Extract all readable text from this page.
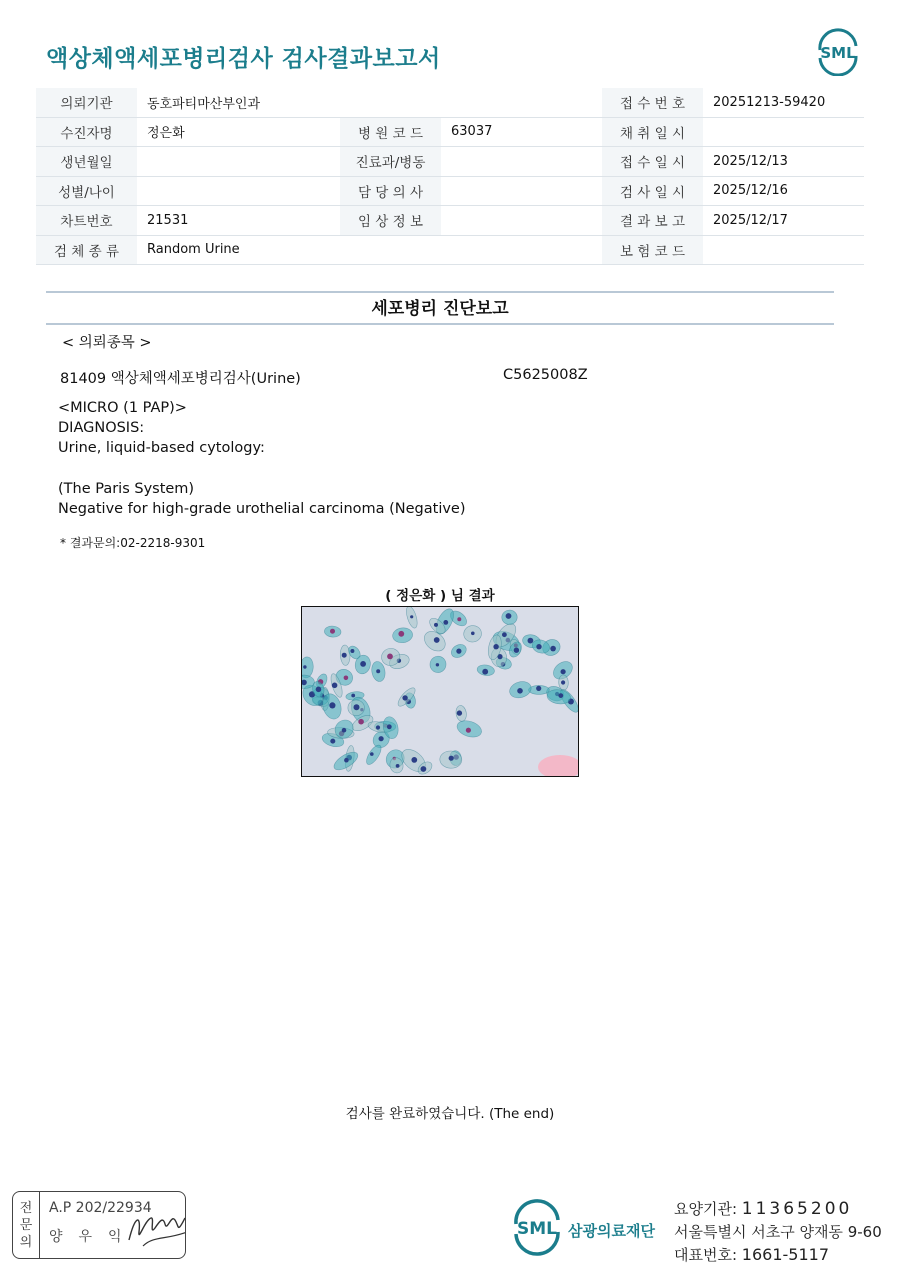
액상체액세포병리검사 검사결과보고서	SML
의뢰기관	동호파티마산부인과			접 수 번 호	20251213-59420
수진자명	정은화	병 원 코 드	63037	채 취 일 시	
생년월일		진료과/병동		접 수 일 시	2025/12/13
성별/나이		담 당 의 사		검 사 일 시	2025/12/16
차트번호	21531	임 상 정 보		결 과 보 고	2025/12/17
검 체 종 류	Random Urine			보 험 코 드	
세포병리 진단보고
< 의뢰종목 >
81409 액상체액세포병리검사(Urine)	C5625008Z
<MICRO (1 PAP)>
DIAGNOSIS:
Urine, liquid-based cytology:
(The Paris System)
Negative for high-grade urothelial carcinoma (Negative)
* 결과문의:02-2218-9301
( 정은화 ) 님 결과
검사를 완료하였습니다. (The end)
전
문
의
A.P 202/22934
양우익	SML 삼광의료재단
요양기관: 11365200
서울특별시 서초구 양재동 9-60
대표번호: 1661-5117
